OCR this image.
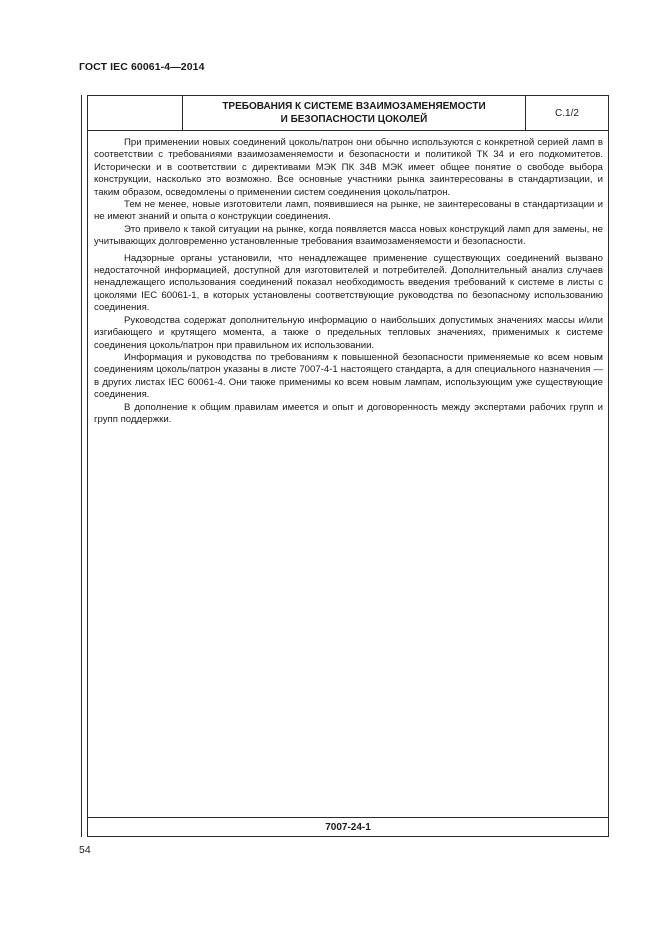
ГОСТ IEC 60061-4—2014
ТРЕБОВАНИЯ К СИСТЕМЕ ВЗАИМОЗАМЕНЯЕМОСТИ
И БЕЗОПАСНОСТИ ЦОКОЛЕЙ
С.1/2

При применении новых соединений цоколь/патрон они обычно используются с конкретной серией ламп в соответствии с требованиями взаимозаменяемости и безопасности и политикой ТК 34 и его подкомитетов. Исторически и в соответствии с директивами МЭК ПК 34В МЭК имеет общее понятие о свободе выбора конструкции, насколько это возможно. Все основные участники рынка заинтересованы в стандартизации, и таким образом, осведомлены о применении систем соединения цоколь/патрон.

Тем не менее, новые изготовители ламп, появившиеся на рынке, не заинтересованы в стандартизации и не имеют знаний и опыта о конструкции соединения.

Это привело к такой ситуации на рынке, когда появляется масса новых конструкций ламп для замены, не учитывающих долговременно установленные требования взаимозаменяемости и безопасности.

Надзорные органы установили, что ненадлежащее применение существующих соединений вызвано недостаточной информацией, доступной для изготовителей и потребителей. Дополнительный анализ случаев ненадлежащего использования соединений показал необходимость введения требований к системе в листы с цоколями IEC 60061-1, в которых установлены соответствующие руководства по безопасному использованию соединения.

Руководства содержат дополнительную информацию о наибольших допустимых значениях массы и/или изгибающего и крутящего момента, а также о предельных тепловых значениях, применимых к системе соединения цоколь/патрон при правильном их использовании.

Информация и руководства по требованиям к повышенной безопасности применяемые ко всем новым соединениям цоколь/патрон указаны в листе 7007-4-1 настоящего стандарта, а для специального назначения — в других листах IEC 60061-4. Они также применимы ко всем новым лампам, использующим уже существующие соединения.

В дополнение к общим правилам имеется и опыт и договоренность между экспертами рабочих групп и групп поддержки.

7007-24-1
54
